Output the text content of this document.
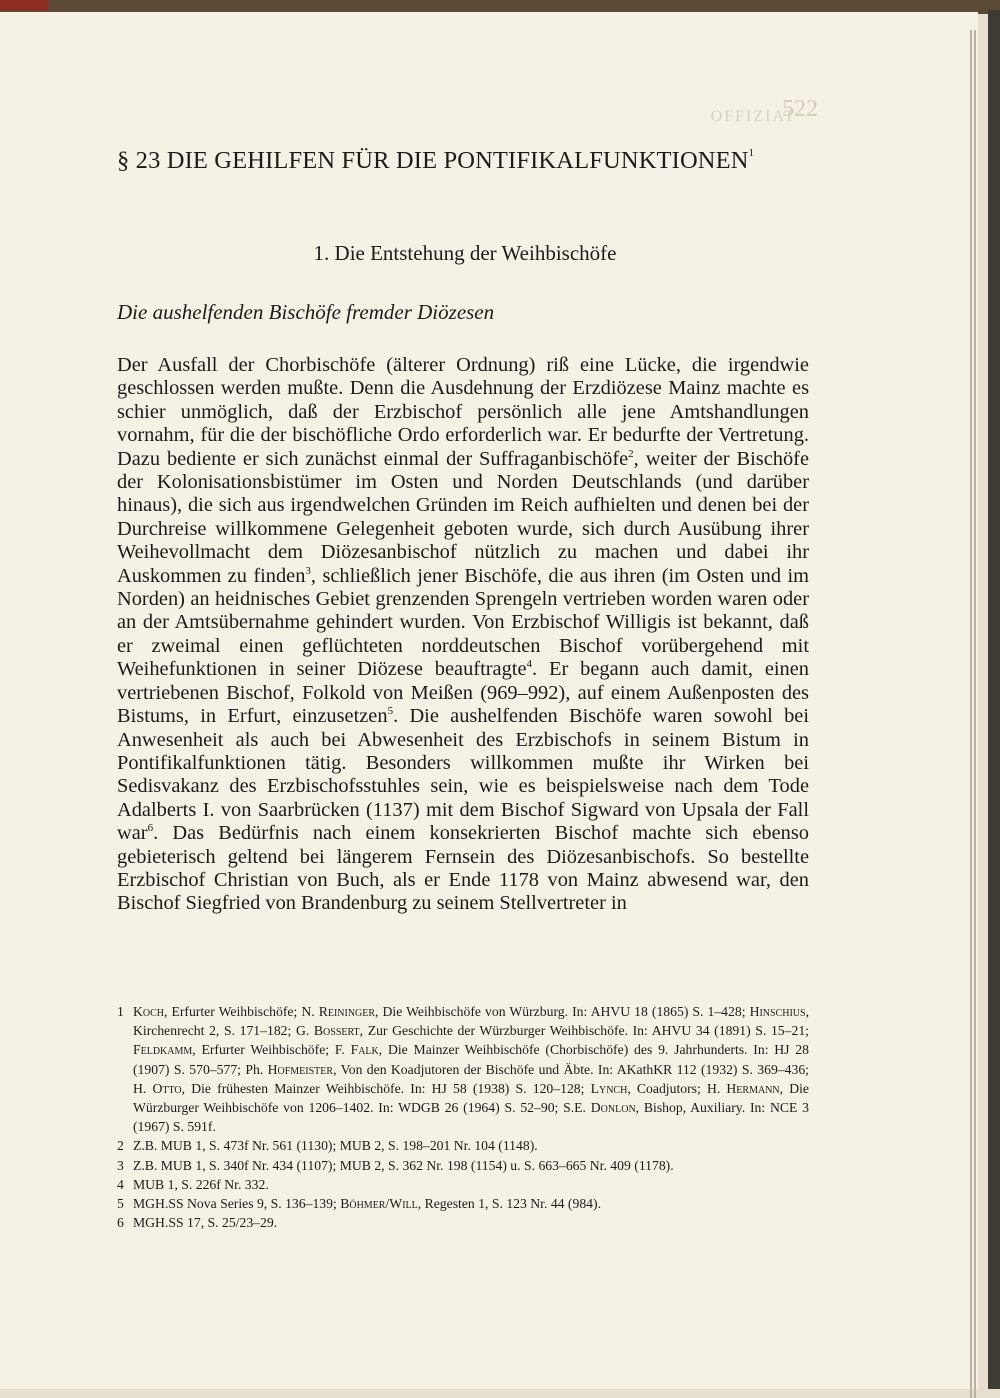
OFFIZIAT
522
§ 23 DIE GEHILFEN FÜR DIE PONTIFIKALFUNKTIONEN$^1$
1. Die Entstehung der Weihbischöfe
Die aushelfenden Bischöfe fremder Diözesen

Der Ausfall der Chorbischöfe (älterer Ordnung) riß eine Lücke, die irgendwie geschlossen werden mußte. Denn die Ausdehnung der Erzdiözese Mainz machte es schier unmöglich, daß der Erzbischof persönlich alle jene Amtshandlungen vornahm, für die der bischöfliche Ordo erforderlich war. Er bedurfte der Vertretung. Dazu bediente er sich zunächst einmal der Suffraganbischöfe$^2$, weiter der Bischöfe der Kolonisationsbistümer im Osten und Norden Deutschlands (und darüber hinaus), die sich aus irgendwelchen Gründen im Reich aufhielten und denen bei der Durchreise willkommene Gelegenheit geboten wurde, sich durch Ausübung ihrer Weihevollmacht dem Diözesanbischof nützlich zu machen und dabei ihr Auskommen zu finden$^3$, schließlich jener Bischöfe, die aus ihren (im Osten und im Norden) an heidnisches Gebiet grenzenden Sprengeln vertrieben worden waren oder an der Amtsübernahme gehindert wurden. Von Erzbischof Willigis ist bekannt, daß er zweimal einen geflüchteten norddeutschen Bischof vorübergehend mit Weihefunktionen in seiner Diözese beauftragte$^4$. Er begann auch damit, einen vertriebenen Bischof, Folkold von Meißen (969–992), auf einem Außenposten des Bistums, in Erfurt, einzusetzen$^5$. Die aushelfenden Bischöfe waren sowohl bei Anwesenheit als auch bei Abwesenheit des Erzbischofs in seinem Bistum in Pontifikalfunktionen tätig. Besonders willkommen mußte ihr Wirken bei Sedisvakanz des Erzbischofsstuhles sein, wie es beispielsweise nach dem Tode Adalberts I. von Saarbrücken (1137) mit dem Bischof Sigward von Upsala der Fall war$^6$. Das Bedürfnis nach einem konsekrierten Bischof machte sich ebenso gebieterisch geltend bei längerem Fernsein des Diözesanbischofs. So bestellte Erzbischof Christian von Buch, als er Ende 1178 von Mainz abwesend war, den Bischof Siegfried von Brandenburg zu seinem Stellvertreter in

1 Koch, Erfurter Weihbischöfe; N. Reininger, Die Weihbischöfe von Würzburg. In: AHVU 18 (1865) S. 1–428; Hinschius, Kirchenrecht 2, S. 171–182; G. Bossert, Zur Geschichte der Würzburger Weihbischöfe. In: AHVU 34 (1891) S. 15–21; Feldkamm, Erfurter Weihbischöfe; F. Falk, Die Mainzer Weihbischöfe (Chorbischöfe) des 9. Jahrhunderts. In: HJ 28 (1907) S. 570–577; Ph. Hofmeister, Von den Koadjutoren der Bischöfe und Äbte. In: AKathKR 112 (1932) S. 369–436; H. Otto, Die frühesten Mainzer Weihbischöfe. In: HJ 58 (1938) S. 120–128; Lynch, Coadjutors; H. Hermann, Die Würzburger Weihbischöfe von 1206–1402. In: WDGB 26 (1964) S. 52–90; S.E. Donlon, Bishop, Auxiliary. In: NCE 3 (1967) S. 591f.
2 Z.B. MUB 1, S. 473f Nr. 561 (1130); MUB 2, S. 198–201 Nr. 104 (1148).
3 Z.B. MUB 1, S. 340f Nr. 434 (1107); MUB 2, S. 362 Nr. 198 (1154) u. S. 663–665 Nr. 409 (1178).
4 MUB 1, S. 226f Nr. 332.
5 MGH.SS Nova Series 9, S. 136–139; Böhmer/Will, Regesten 1, S. 123 Nr. 44 (984).
6 MGH.SS 17, S. 25/23–29.
